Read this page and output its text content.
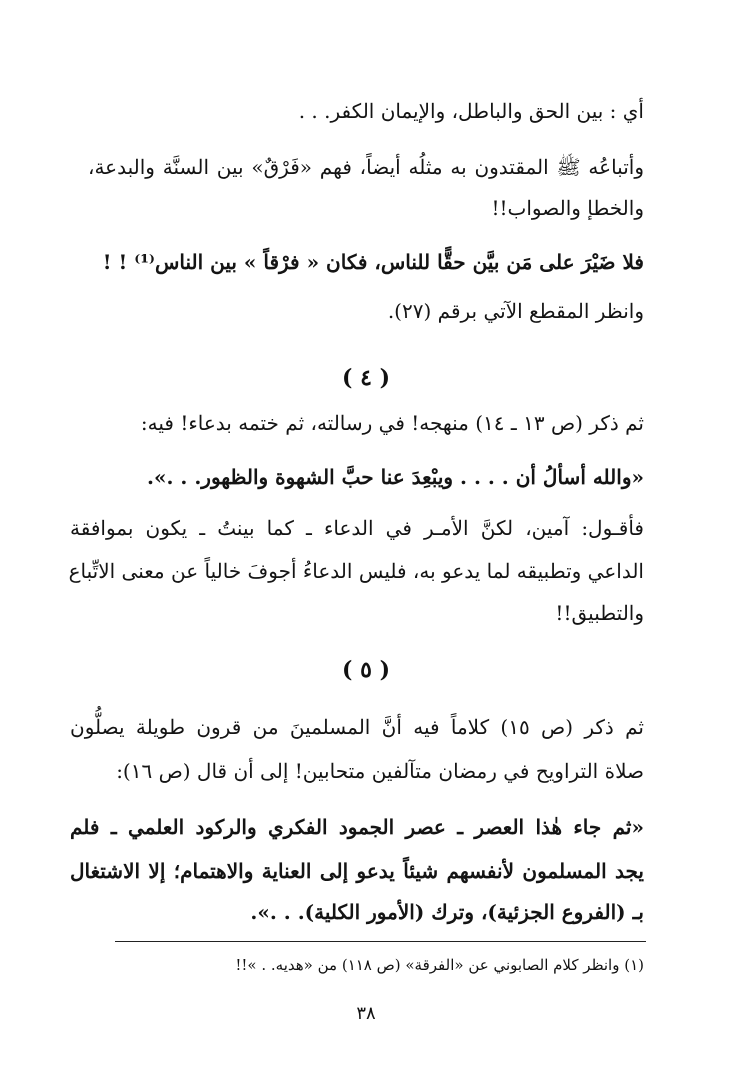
أي : بين الحق والباطل، والإيمان الكفر. . .
وأتباعُه ﷺ المقتدون به مثلُه أيضاً، فهم «فَرْقٌ» بين السنَّة والبدعة،
والخطإ والصواب!!
فلا ضَيْرَ على مَن بيَّن حقًّا للناس، فكان « فرْقاً » بين الناس⁽¹⁾ ! !
وانظر المقطع الآتي برقم (٢٧).
( ٤ )
ثم ذكر (ص ١٣ ـ ١٤) منهجه! في رسالته، ثم ختمه بدعاء! فيه:
«والله أسألُ أن . . . . ويبْعِدَ عنا حبَّ الشهوة والظهور. . .».
فأقـول: آمين، لكنَّ الأمـر في الدعاء ـ كما بينتُ ـ يكون بموافقة
الداعي وتطبيقه لما يدعو به، فليس الدعاءُ أجوفَ خالياً عن معنى الاتِّباع
والتطبيق!!
( ٥ )
ثم ذكر (ص ١٥) كلاماً فيه أنَّ المسلمينَ من قرون طويلة يصلُّون
صلاة التراويح في رمضان متآلفين متحابين! إلى أن قال (ص ١٦):
«ثم جاء هٰذا العصر ـ عصر الجمود الفكري والركود العلمي ـ فلم
يجد المسلمون لأنفسهم شيئاً يدعو إلى العناية والاهتمام؛ إلا الاشتغال
بـ (الفروع الجزئية)، وترك (الأمور الكلية). . .».
(١) وانظر كلام الصابوني عن «الفرقة» (ص ١١٨) من «هديه. . »!!
٣٨
